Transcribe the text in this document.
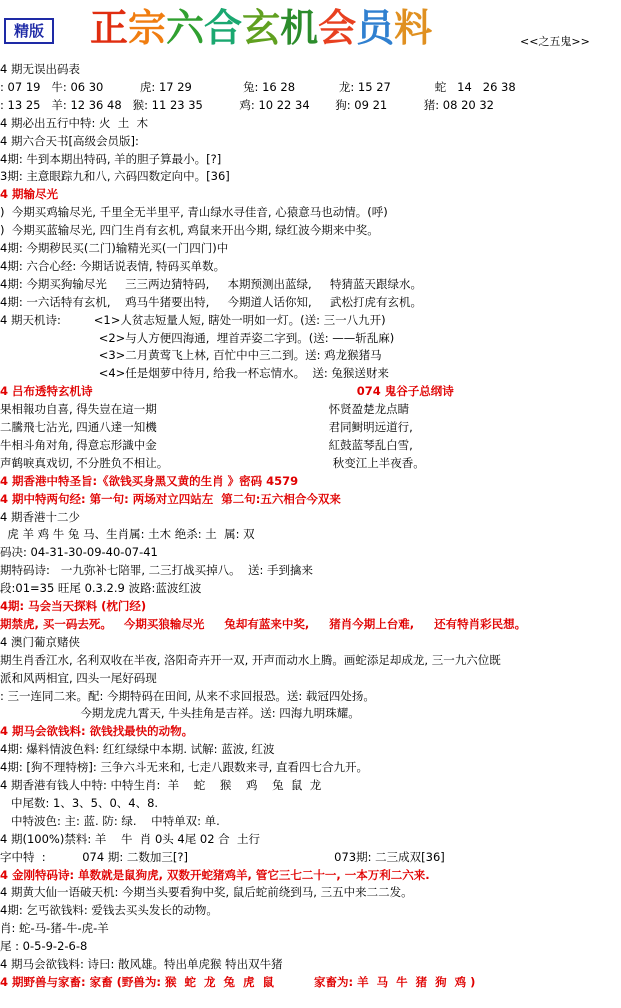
精版 正宗六合玄机会员料	<<之五鬼>>
4 期无误出码表
: 07 19   牛: 06 30          虎: 17 29              兔: 16 28            龙: 15 27            蛇   14   26 38
: 13 25   羊: 12 36 48   猴: 11 23 35          鸡: 10 22 34       狗: 09 21          猪: 08 20 32
4 期必出五行中特: 火  土  木
4 期六合天书[高级会员版]:
4期: 牛到本期出特码, 羊的胆子算最小。[?]
3期: 主意眼踪九和八, 六码四数定向中。[36]
4 期输尽光
)  今期买鸡输尽光, 千里全无半里平, 青山绿水寻佳音, 心猿意马也动情。(呼)
)  今期买蓝输尽光, 四门生肖有玄机, 鸡鼠来开出今期, 绿红波今期来中奖。
4期: 今期秽民买(二门)输精光买(一门四门)中
4期: 六合心经: 今期话说表情, 特码买单数。
4期: 今期买狗输尽光     三三两边猜特码,     本期预测出蓝绿,     特猜蓝天跟绿水。
4期: 一六话特有玄机,    鸡马牛猪要出特,     今期道人话你知,     武松打虎有玄机。
4 期天机诗:         <1>人贫志短量人短, 瞎处一明如一灯。(送: 三一八九开)
<2>与人方便四海通,  埋首弄姿二字到。(送: ——斩乱麻)
<3>二月黄莺飞上林, 百忙中中三二到。送: 鸡龙猴猪马
<4>任是烟萝中待月, 给我一杯忘情水。  送: 兔猴送财来
4 吕布透特玄机诗                                                                  074 鬼谷子总纲诗
果相報功自喜, 得失豈在這一期                                               怀贤盈楚龙点睛
二騰飛七沾光, 四通八達一知機                                               君同鲥明远道行,
牛相斗角对角, 得意忘形識中金                                               紅鼓蓝琴乱白雪,
声鹤唳真戏切, 不分胜负不相让。                                             秋变江上半夜香。
4 期香港中特圣旨:《欲钱买身黑又黄的生肖 》密码 4579
4 期中特两句经: 第一句: 两场对立四站左  第二句:五六相合今双来
4 期香港十二少
虎 羊 鸡 牛 兔 马、生肖属: 土木 绝杀: 土  属: 双
码决: 04-31-30-09-40-07-41
期特码诗:   一九弥补七陪罪, 二三打战买掉八。  送: 手到擒来
段:01=35 旺尾 0.3.2.9 波路:蓝波红波
4期: 马会当天探料 (枕门经)
期禁虎, 买一码去死。   今期买狼输尽光     兔却有蓝来中奖,     猪肖今期上台难,     还有特肖彩民想。
4 澳门葡京赌侠
期生肖香江水, 名利双收在半夜, 洛阳奇卉开一双, 开声而动水上腾。画蛇添足却成龙, 三一九六位既
派和风两相宜, 四头一尾好码现
: 三一连同二来。配: 今期特码在田间, 从来不求回报恐。送: 载冠四处扬。
今期龙虎九霄天, 牛头挂角是吉祥。送: 四海九明珠耀。
4 期马会欲钱料: 欲钱找最快的动物。
4期: 爆料情波色料: 红红绿绿中本期. 试解: 蓝波, 红波
4期: [狗不理特榜]: 三争六斗无来和, 七走八跟数来寻, 直看四七合九开。
4 期香港有钱人中特: 中特生肖:  羊    蛇    猴    鸡    兔  鼠  龙
中尾数: 1、3、5、0、4、8.
中特波色: 主: 蓝. 防: 绿.    中特单双: 单.
4 期(100%)禁料: 羊    牛  肖 0头 4尾 02 合  土行
字中特  :          074 期: 二数加三[?]                                        073期: 二三成双[36]
4 金刚特码诗: 单数就是鼠狗虎, 双数开蛇猪鸡羊, 管它三七二十一, 一本万利二六来.
4 期黄大仙一语破天机: 今期当头要看狗中奖, 鼠后蛇前绕到马, 三五中来二二发。
4期: 乞丐欲钱料: 爱钱去买头发长的动物。
肖: 蛇-马-猪-牛-虎-羊
尾 : 0-5-9-2-6-8
4 期马会欲钱料: 诗曰: 散风雄。特出单虎猴 特出双牛猪
4 期野兽与家畜: 家畜 (野兽为: 猴  蛇  龙  兔  虎  鼠          家畜为: 羊  马  牛  猪  狗  鸡 )
